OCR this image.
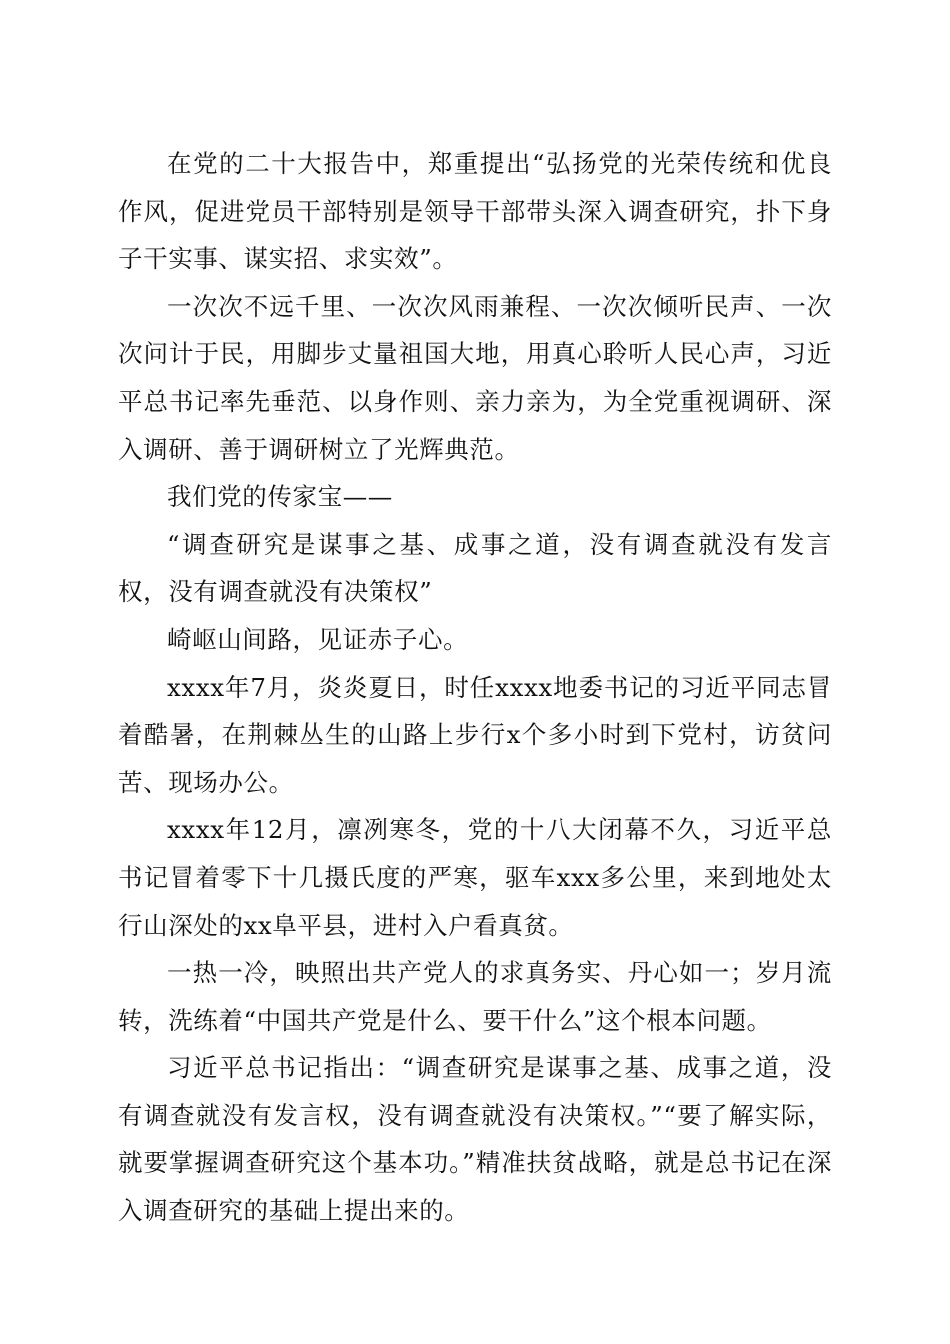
在党的二十大报告中，郑重提出“弘扬党的光荣传统和优良作风，促进党员干部特别是领导干部带头深入调查研究，扑下身子干实事、谋实招、求实效”。

一次次不远千里、一次次风雨兼程、一次次倾听民声、一次次问计于民，用脚步丈量祖国大地，用真心聆听人民心声，习近平总书记率先垂范、以身作则、亲力亲为，为全党重视调研、深入调研、善于调研树立了光辉典范。

我们党的传家宝——

“调查研究是谋事之基、成事之道，没有调查就没有发言权，没有调查就没有决策权”

崎岖山间路，见证赤子心。

xxxx年7月，炎炎夏日，时任xxxx地委书记的习近平同志冒着酷暑，在荆棘丛生的山路上步行x个多小时到下党村，访贫问苦、现场办公。

xxxx年12月，凛冽寒冬，党的十八大闭幕不久，习近平总书记冒着零下十几摄氏度的严寒，驱车xxx多公里，来到地处太行山深处的xx阜平县，进村入户看真贫。

一热一冷，映照出共产党人的求真务实、丹心如一；岁月流转，洗练着“中国共产党是什么、要干什么”这个根本问题。

习近平总书记指出：“调查研究是谋事之基、成事之道，没有调查就没有发言权，没有调查就没有决策权。”“要了解实际，就要掌握调查研究这个基本功。”精准扶贫战略，就是总书记在深入调查研究的基础上提出来的。
